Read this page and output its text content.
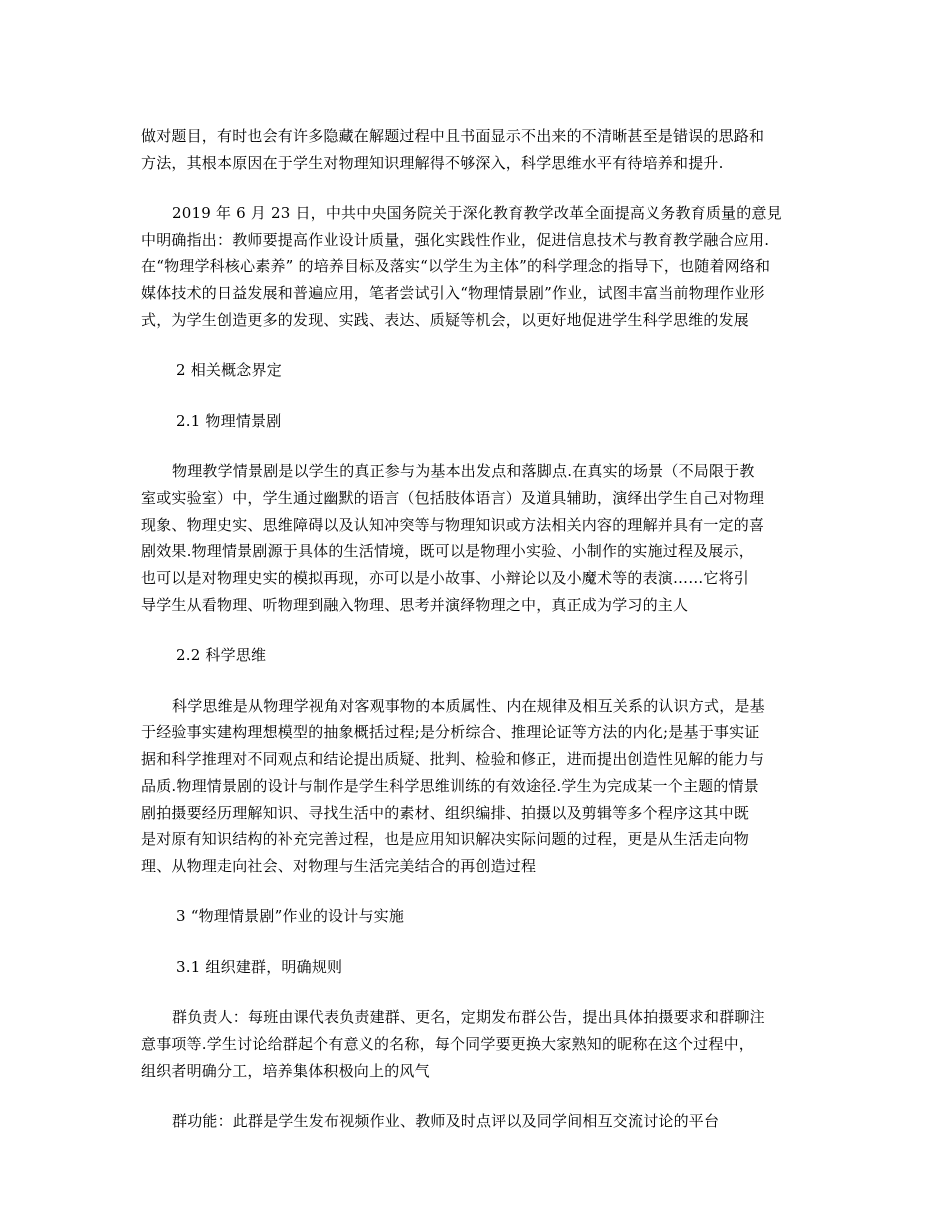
做对题目，有时也会有许多隐藏在解题过程中且书面显示不出来的不清晰甚至是错误的思路和
方法，其根本原因在于学生对物理知识理解得不够深入，科学思维水平有待培养和提升.
2019 年 6 月 23 日，中共中央国务院关于深化教育教学改革全面提高义务教育质量的意見
中明确指出：教师要提高作业设计质量，强化实践性作业，促进信息技术与教育教学融合应用.
在“物理学科核心素养” 的培养目标及落实“以学生为主体”的科学理念的指导下，也随着网络和
媒体技术的日益发展和普遍应用，笔者尝试引入“物理情景剧”作业，试图丰富当前物理作业形
式，为学生创造更多的发现、实践、表达、质疑等机会，以更好地促进学生科学思维的发展
2 相关概念界定
2.1 物理情景剧
物理教学情景剧是以学生的真正参与为基本出发点和落脚点.在真实的场景（不局限于教
室或实验室）中，学生通过幽默的语言（包括肢体语言）及道具辅助，演绎出学生自己对物理
现象、物理史实、思维障碍以及认知冲突等与物理知识或方法相关内容的理解并具有一定的喜
剧效果.物理情景剧源于具体的生活情境，既可以是物理小实验、小制作的实施过程及展示，
也可以是对物理史实的模拟再现，亦可以是小故事、小辩论以及小魔术等的表演……它将引
导学生从看物理、听物理到融入物理、思考并演绎物理之中，真正成为学习的主人
2.2 科学思维
科学思维是从物理学视角对客观事物的本质属性、内在规律及相互关系的认识方式，是基
于经验事实建构理想模型的抽象概括过程;是分析综合、推理论证等方法的内化;是基于事实证
据和科学推理对不同观点和结论提出质疑、批判、检验和修正，进而提出创造性见解的能力与
品质.物理情景剧的设计与制作是学生科学思维训练的有效途径.学生为完成某一个主题的情景
剧拍摄要经历理解知识、寻找生活中的素材、组织编排、拍摄以及剪辑等多个程序这其中既
是对原有知识结构的补充完善过程，也是应用知识解决实际问题的过程，更是从生活走向物
理、从物理走向社会、对物理与生活完美结合的再创造过程
3 “物理情景剧”作业的设计与实施
3.1 组织建群，明确规则
群负责人：每班由课代表负责建群、更名，定期发布群公告，提出具体拍摄要求和群聊注
意事项等.学生讨论给群起个有意义的名称，每个同学要更换大家熟知的昵称在这个过程中，
组织者明确分工，培养集体积极向上的风气
群功能：此群是学生发布视频作业、教师及时点评以及同学间相互交流讨论的平台
